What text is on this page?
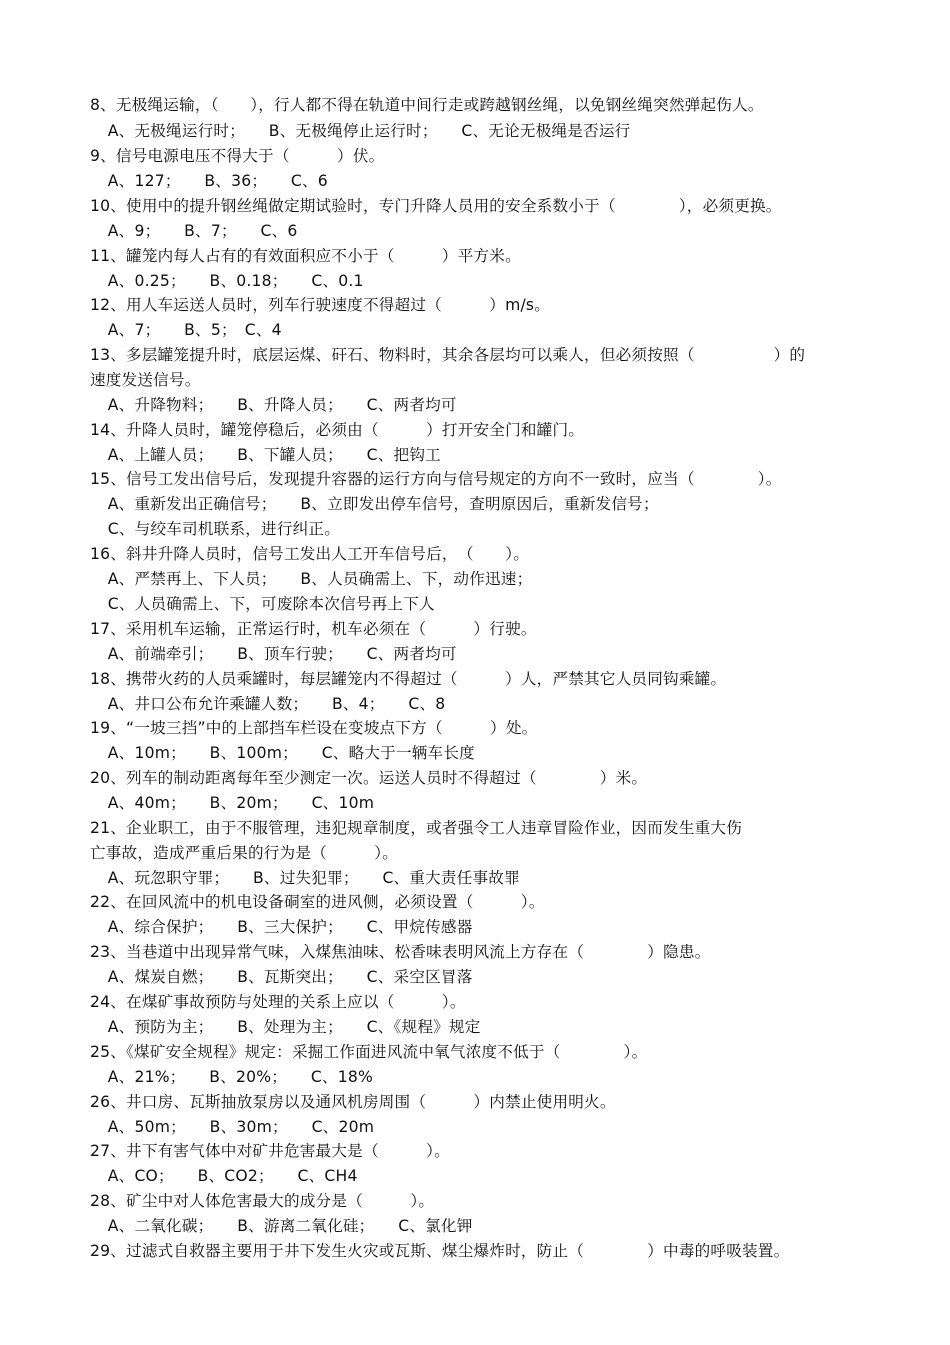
8、无极绳运输，（　　），行人都不得在轨道中间行走或跨越钢丝绳，以免钢丝绳突然弹起伤人。
　A、无极绳运行时；　　B、无极绳停止运行时；　　C、无论无极绳是否运行
9、信号电源电压不得大于（　　　）伏。
　A、127；　　B、36；　　C、6
10、使用中的提升钢丝绳做定期试验时，专门升降人员用的安全系数小于（　　　　），必须更换。
　A、9；　　B、7；　　C、6
11、罐笼内每人占有的有效面积应不小于（　　　）平方米。
　A、0.25；　　B、0.18；　　C、0.1
12、用人车运送人员时，列车行驶速度不得超过（　　　）m/s。
　A、7；　　B、5；　C、4
13、多层罐笼提升时，底层运煤、矸石、物料时，其余各层均可以乘人，但必须按照（　　　　　）的
速度发送信号。
　A、升降物料；　　B、升降人员；　　C、两者均可
14、升降人员时，罐笼停稳后，必须由（　　　）打开安全门和罐门。
　A、上罐人员；　　B、下罐人员；　　C、把钩工
15、信号工发出信号后，发现提升容器的运行方向与信号规定的方向不一致时，应当（　　　　）。
　A、重新发出正确信号；　　B、立即发出停车信号，查明原因后，重新发信号；
　C、与绞车司机联系，进行纠正。
16、斜井升降人员时，信号工发出人工开车信号后，　（　　）。
　A、严禁再上、下人员；　　B、人员确需上、下，动作迅速；
　C、人员确需上、下，可废除本次信号再上下人
17、采用机车运输，正常运行时，机车必须在（　　　）行驶。
　A、前端牵引；　　B、顶车行驶；　　C、两者均可
18、携带火药的人员乘罐时，每层罐笼内不得超过（　　　）人，严禁其它人员同钩乘罐。
　A、井口公布允许乘罐人数；　　B、4；　　C、8
19、“一坡三挡”中的上部挡车栏设在变坡点下方（　　　）处。
　A、10m；　　B、100m；　　C、略大于一辆车长度
20、列车的制动距离每年至少测定一次。运送人员时不得超过（　　　　）米。
　A、40m；　　B、20m；　　C、10m
21、企业职工，由于不服管理，违犯规章制度，或者强令工人违章冒险作业，因而发生重大伤
亡事故，造成严重后果的行为是（　　　）。
　A、玩忽职守罪；　　B、过失犯罪；　　C、重大责任事故罪
22、在回风流中的机电设备硐室的进风侧，必须设置（　　　）。
　A、综合保护；　　B、三大保护；　　C、甲烷传感器
23、当巷道中出现异常气味，入煤焦油味、松香味表明风流上方存在（　　　　）隐患。
　A、煤炭自燃；　　B、瓦斯突出；　　C、采空区冒落
24、在煤矿事故预防与处理的关系上应以（　　　）。
　A、预防为主；　　B、处理为主；　　C、《规程》规定
25、《煤矿安全规程》规定：采掘工作面进风流中氧气浓度不低于（　　　　）。
　A、21%；　　B、20%；　　C、18%
26、井口房、瓦斯抽放泵房以及通风机房周围（　　　）内禁止使用明火。
　A、50m；　　B、30m；　　C、20m
27、井下有害气体中对矿井危害最大是（　　　）。
　A、CO；　　B、CO2；　　C、CH4
28、矿尘中对人体危害最大的成分是（　　　）。
　A、二氧化碳；　　B、游离二氧化硅；　　C、氯化钾
29、过滤式自救器主要用于井下发生火灾或瓦斯、煤尘爆炸时，防止（　　　　）中毒的呼吸装置。
